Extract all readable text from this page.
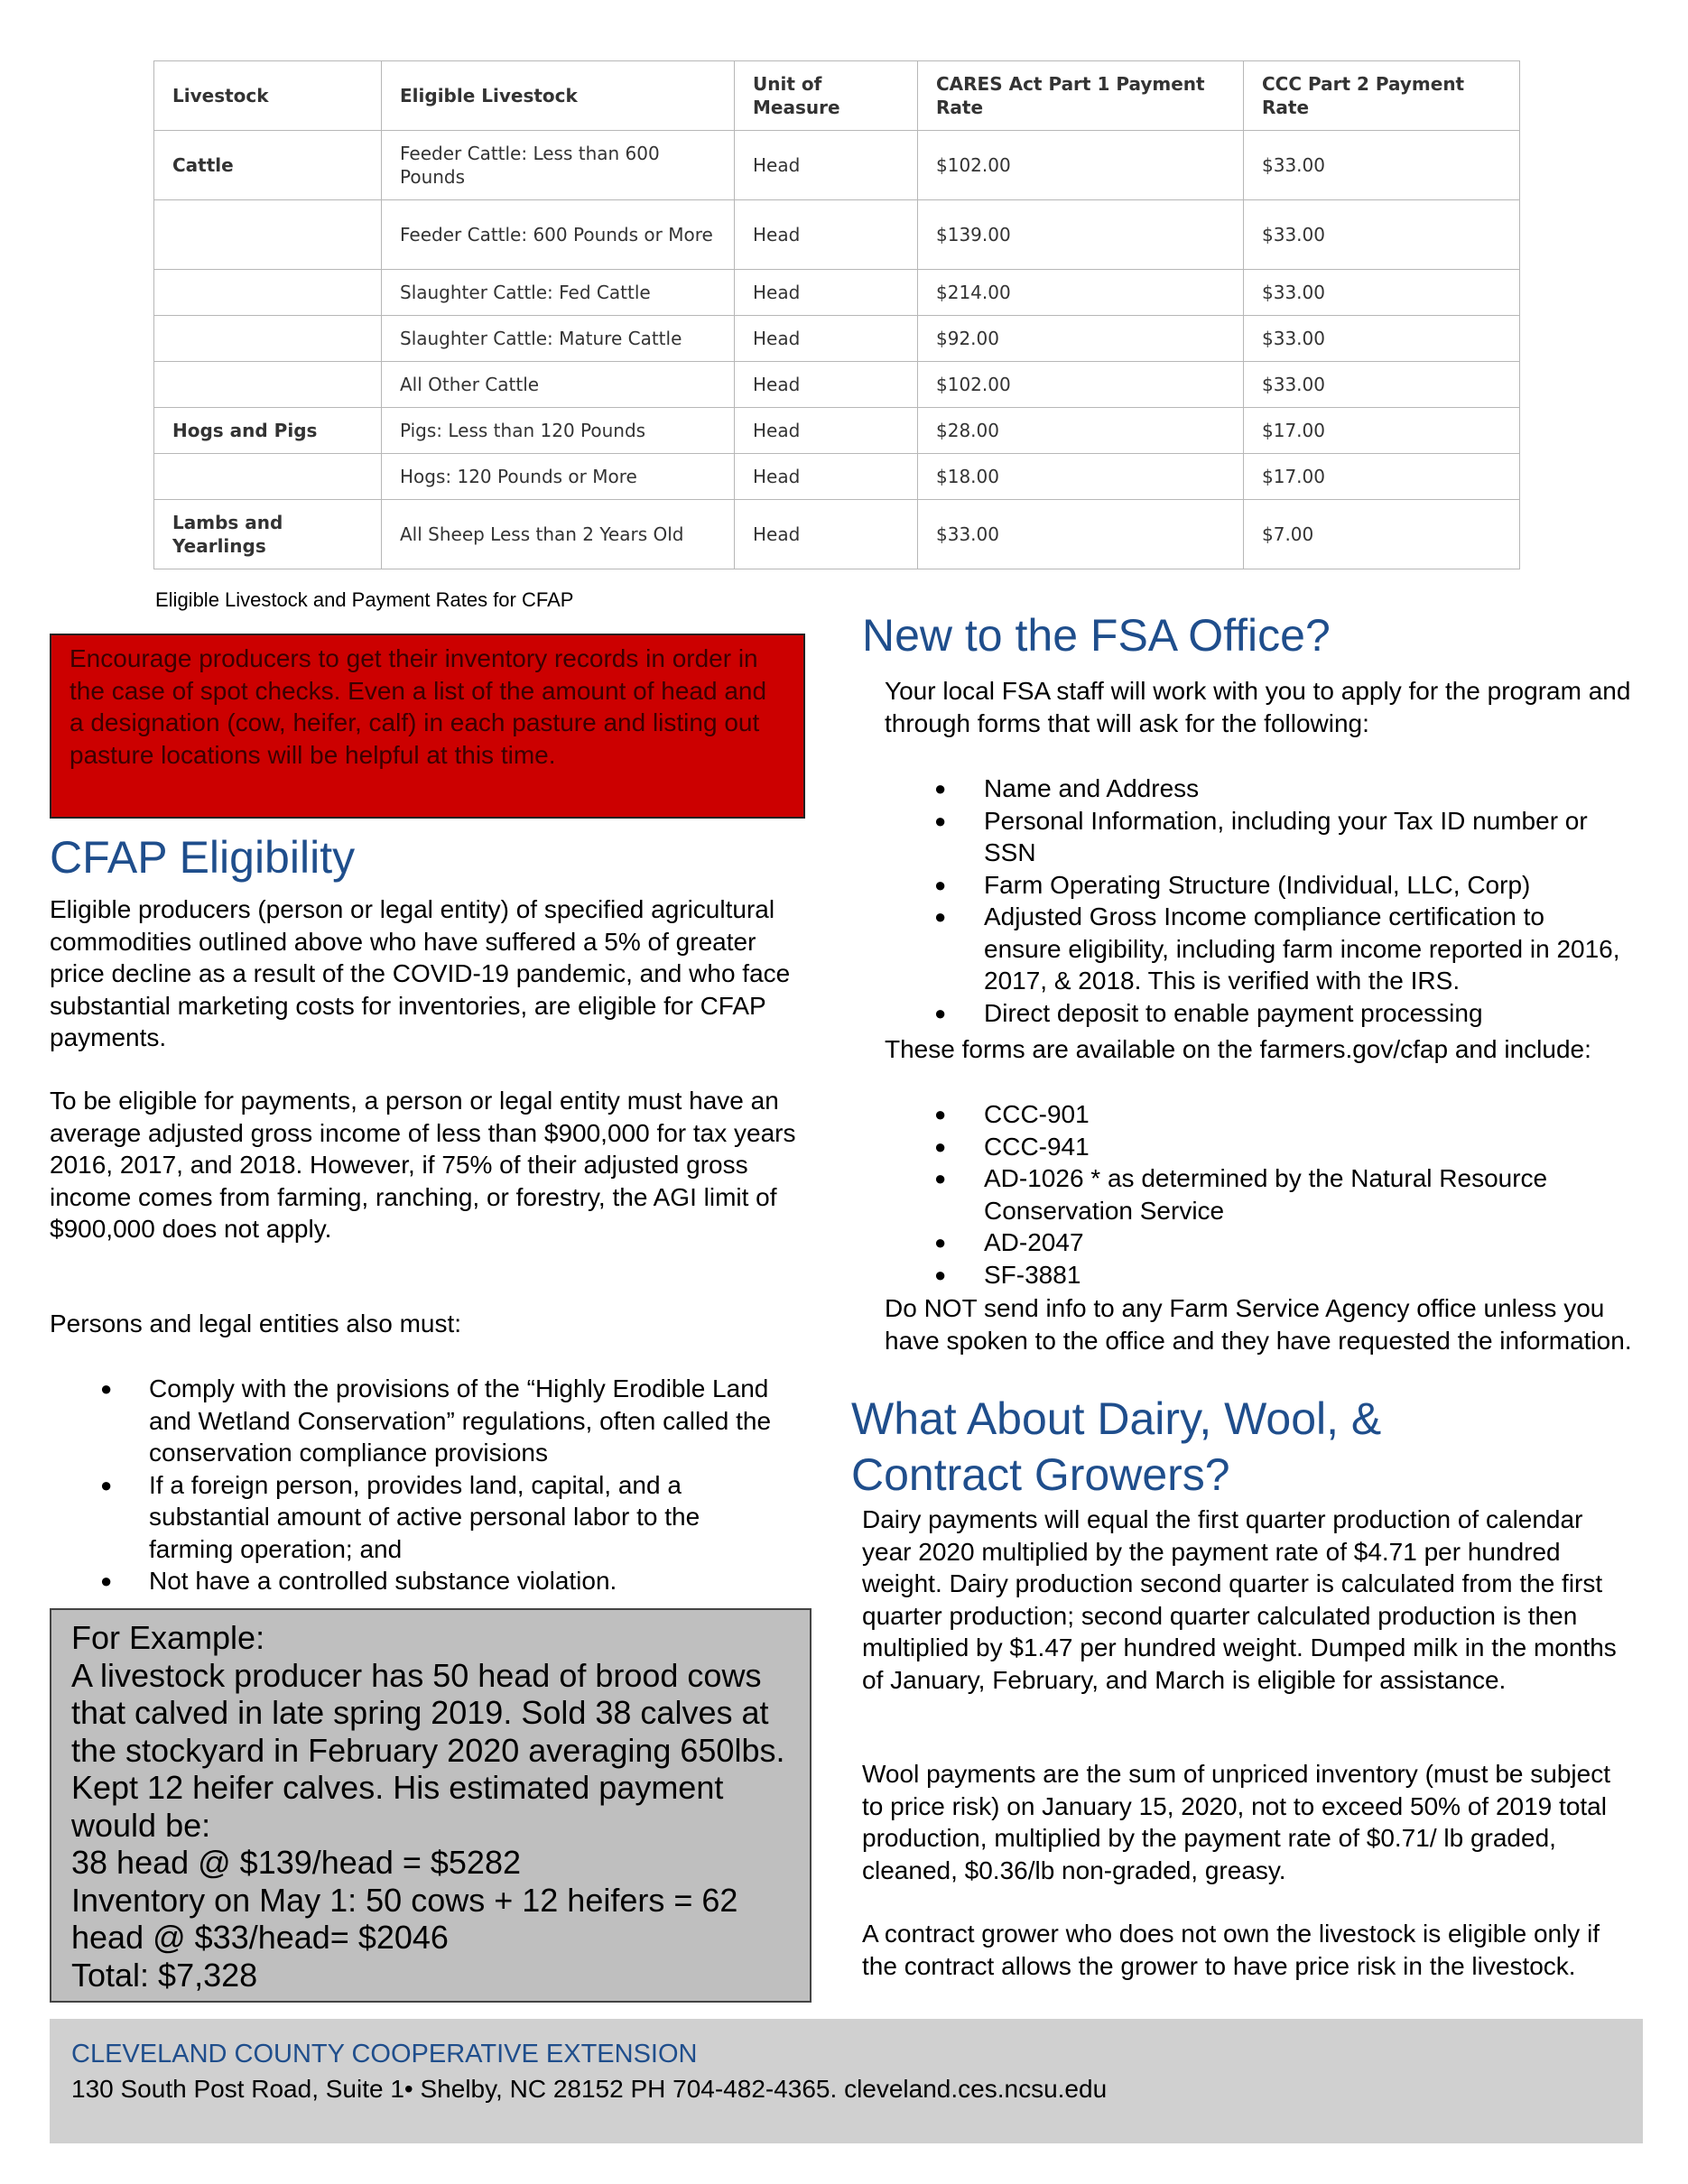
Livestock	Eligible Livestock	Unit of Measure	CARES Act Part 1 Payment Rate	CCC Part 2 Payment Rate
Cattle	Feeder Cattle: Less than 600 Pounds	Head	$102.00	$33.00
	Feeder Cattle: 600 Pounds or More	Head	$139.00	$33.00
	Slaughter Cattle: Fed Cattle	Head	$214.00	$33.00
	Slaughter Cattle: Mature Cattle	Head	$92.00	$33.00
	All Other Cattle	Head	$102.00	$33.00
Hogs and Pigs	Pigs: Less than 120 Pounds	Head	$28.00	$17.00
	Hogs: 120 Pounds or More	Head	$18.00	$17.00
Lambs and Yearlings	All Sheep Less than 2 Years Old	Head	$33.00	$7.00
Eligible Livestock and Payment Rates for CFAP
Encourage producers to get their inventory records in order in the case of spot checks. Even a list of the amount of head and a designation (cow, heifer, calf) in each pasture and listing out pasture locations will be helpful at this time.
CFAP Eligibility

Eligible producers (person or legal entity) of specified agricultural commodities outlined above who have suffered a 5% of greater price decline as a result of the COVID-19 pandemic, and who face substantial marketing costs for inventories, are eligible for CFAP payments.

To be eligible for payments, a person or legal entity must have an average adjusted gross income of less than $900,000 for tax years 2016, 2017, and 2018. However, if 75% of their adjusted gross income comes from farming, ranching, or forestry, the AGI limit of $900,000 does not apply.

Persons and legal entities also must:

● Comply with the provisions of the “Highly Erodible Land and Wetland Conservation” regulations, often called the conservation compliance provisions
● If a foreign person, provides land, capital, and a substantial amount of active personal labor to the farming operation; and
● Not have a controlled substance violation.
For Example:
A livestock producer has 50 head of brood cows that calved in late spring 2019. Sold 38 calves at the stockyard in February 2020 averaging 650lbs. Kept 12 heifer calves. His estimated payment would be:
38 head @ $139/head = $5282
Inventory on May 1: 50 cows + 12 heifers = 62 head @ $33/head= $2046
Total: $7,328
New to the FSA Office?

Your local FSA staff will work with you to apply for the program and through forms that will ask for the following:

● Name and Address
● Personal Information, including your Tax ID number or SSN
● Farm Operating Structure (Individual, LLC, Corp)
● Adjusted Gross Income compliance certification to ensure eligibility, including farm income reported in 2016, 2017, & 2018. This is verified with the IRS.
● Direct deposit to enable payment processing

These forms are available on the farmers.gov/cfap and include:

● CCC-901
● CCC-941
● AD-1026 * as determined by the Natural Resource Conservation Service
● AD-2047
● SF-3881

Do NOT send info to any Farm Service Agency office unless you have spoken to the office and they have requested the information.

What About Dairy, Wool, &
Contract Growers?

Dairy payments will equal the first quarter production of calendar year 2020 multiplied by the payment rate of $4.71 per hundred weight. Dairy production second quarter is calculated from the first quarter production; second quarter calculated production is then multiplied by $1.47 per hundred weight. Dumped milk in the months of January, February, and March is eligible for assistance.

Wool payments are the sum of unpriced inventory (must be subject to price risk) on January 15, 2020, not to exceed 50% of 2019 total production, multiplied by the payment rate of $0.71/ lb graded, cleaned, $0.36/lb non-graded, greasy.

A contract grower who does not own the livestock is eligible only if the contract allows the grower to have price risk in the livestock.

CLEVELAND COUNTY COOPERATIVE EXTENSION
130 South Post Road, Suite 1• Shelby, NC 28152 PH 704-482-4365. cleveland.ces.ncsu.edu
